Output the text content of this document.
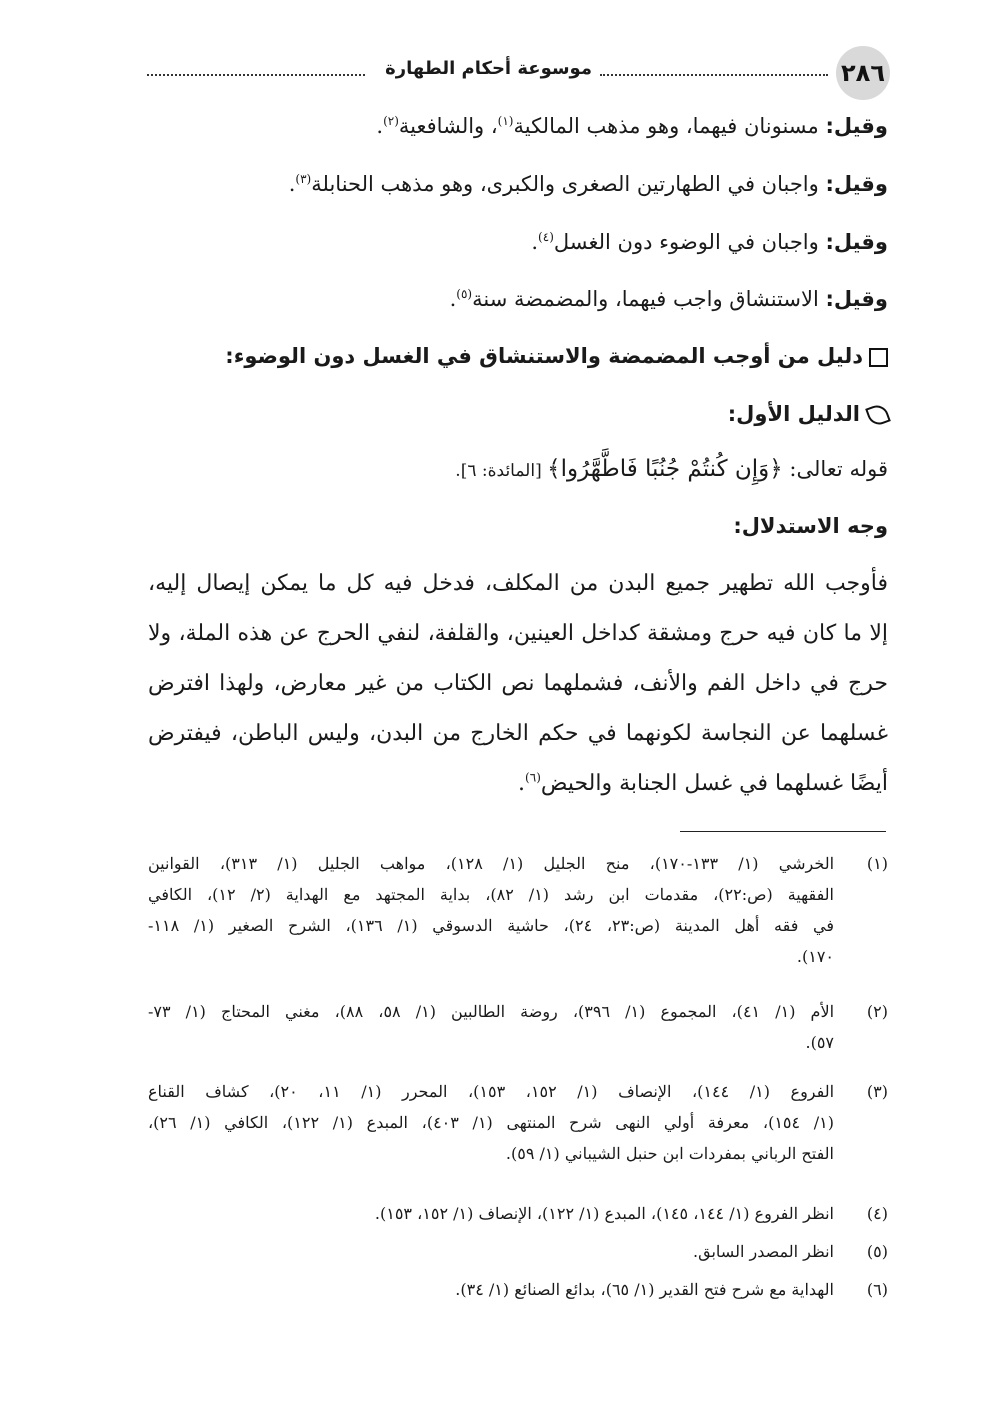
٢٨٦
موسوعة أحكام الطهارة
وقيل: مسنونان فيهما، وهو مذهب المالكية$^{(١)}$، والشافعية$^{(٢)}$.
وقيل: واجبان في الطهارتين الصغرى والكبرى، وهو مذهب الحنابلة$^{(٣)}$.
وقيل: واجبان في الوضوء دون الغسل$^{(٤)}$.
وقيل: الاستنشاق واجب فيهما، والمضمضة سنة$^{(٥)}$.
دليل من أوجب المضمضة والاستنشاق في الغسل دون الوضوء:
الدليل الأول:
قوله تعالى: ﴿وَإِن كُنتُمْ جُنُبًا فَاطَّهَّرُوا﴾ [المائدة: ٦].
وجه الاستدلال:
فأوجب الله تطهير جميع البدن من المكلف، فدخل فيه كل ما يمكن إيصال إليه،
إلا ما كان فيه حرج ومشقة كداخل العينين، والقلفة، لنفي الحرج عن هذه الملة، ولا
حرج في داخل الفم والأنف، فشملهما نص الكتاب من غير معارض، ولهذا افترض
غسلهما عن النجاسة لكونهما في حكم الخارج من البدن، وليس الباطن، فيفترض
أيضًا غسلهما في غسل الجنابة والحيض$^{(٦)}$.
(١)
الخرشي (١/ ١٣٣-١٧٠)، منح الجليل (١/ ١٢٨)، مواهب الجليل (١/ ٣١٣)، القوانين
الفقهية (ص:٢٢)، مقدمات ابن رشد (١/ ٨٢)، بداية المجتهد مع الهداية (٢/ ١٢)، الكافي
في فقه أهل المدينة (ص:٢٣، ٢٤)، حاشية الدسوقي (١/ ١٣٦)، الشرح الصغير (١/ ١١٨-
١٧٠).
(٢)
الأم (١/ ٤١)، المجموع (١/ ٣٩٦)، روضة الطالبين (١/ ٥٨، ٨٨)، مغني المحتاج (١/ ٧٣-
٥٧).
(٣)
الفروع (١/ ١٤٤)، الإنصاف (١/ ١٥٢، ١٥٣)، المحرر (١/ ١١، ٢٠)، كشاف القناع
(١/ ١٥٤)، معرفة أولي النهى شرح المنتهى (١/ ٤٠٣)، المبدع (١/ ١٢٢)، الكافي (١/ ٢٦)،
الفتح الرباني بمفردات ابن حنبل الشيباني (١/ ٥٩).
(٤)
انظر الفروع (١/ ١٤٤، ١٤٥)، المبدع (١/ ١٢٢)، الإنصاف (١/ ١٥٢، ١٥٣).
(٥)
انظر المصدر السابق.
(٦)
الهداية مع شرح فتح القدير (١/ ٦٥)، بدائع الصنائع (١/ ٣٤).
